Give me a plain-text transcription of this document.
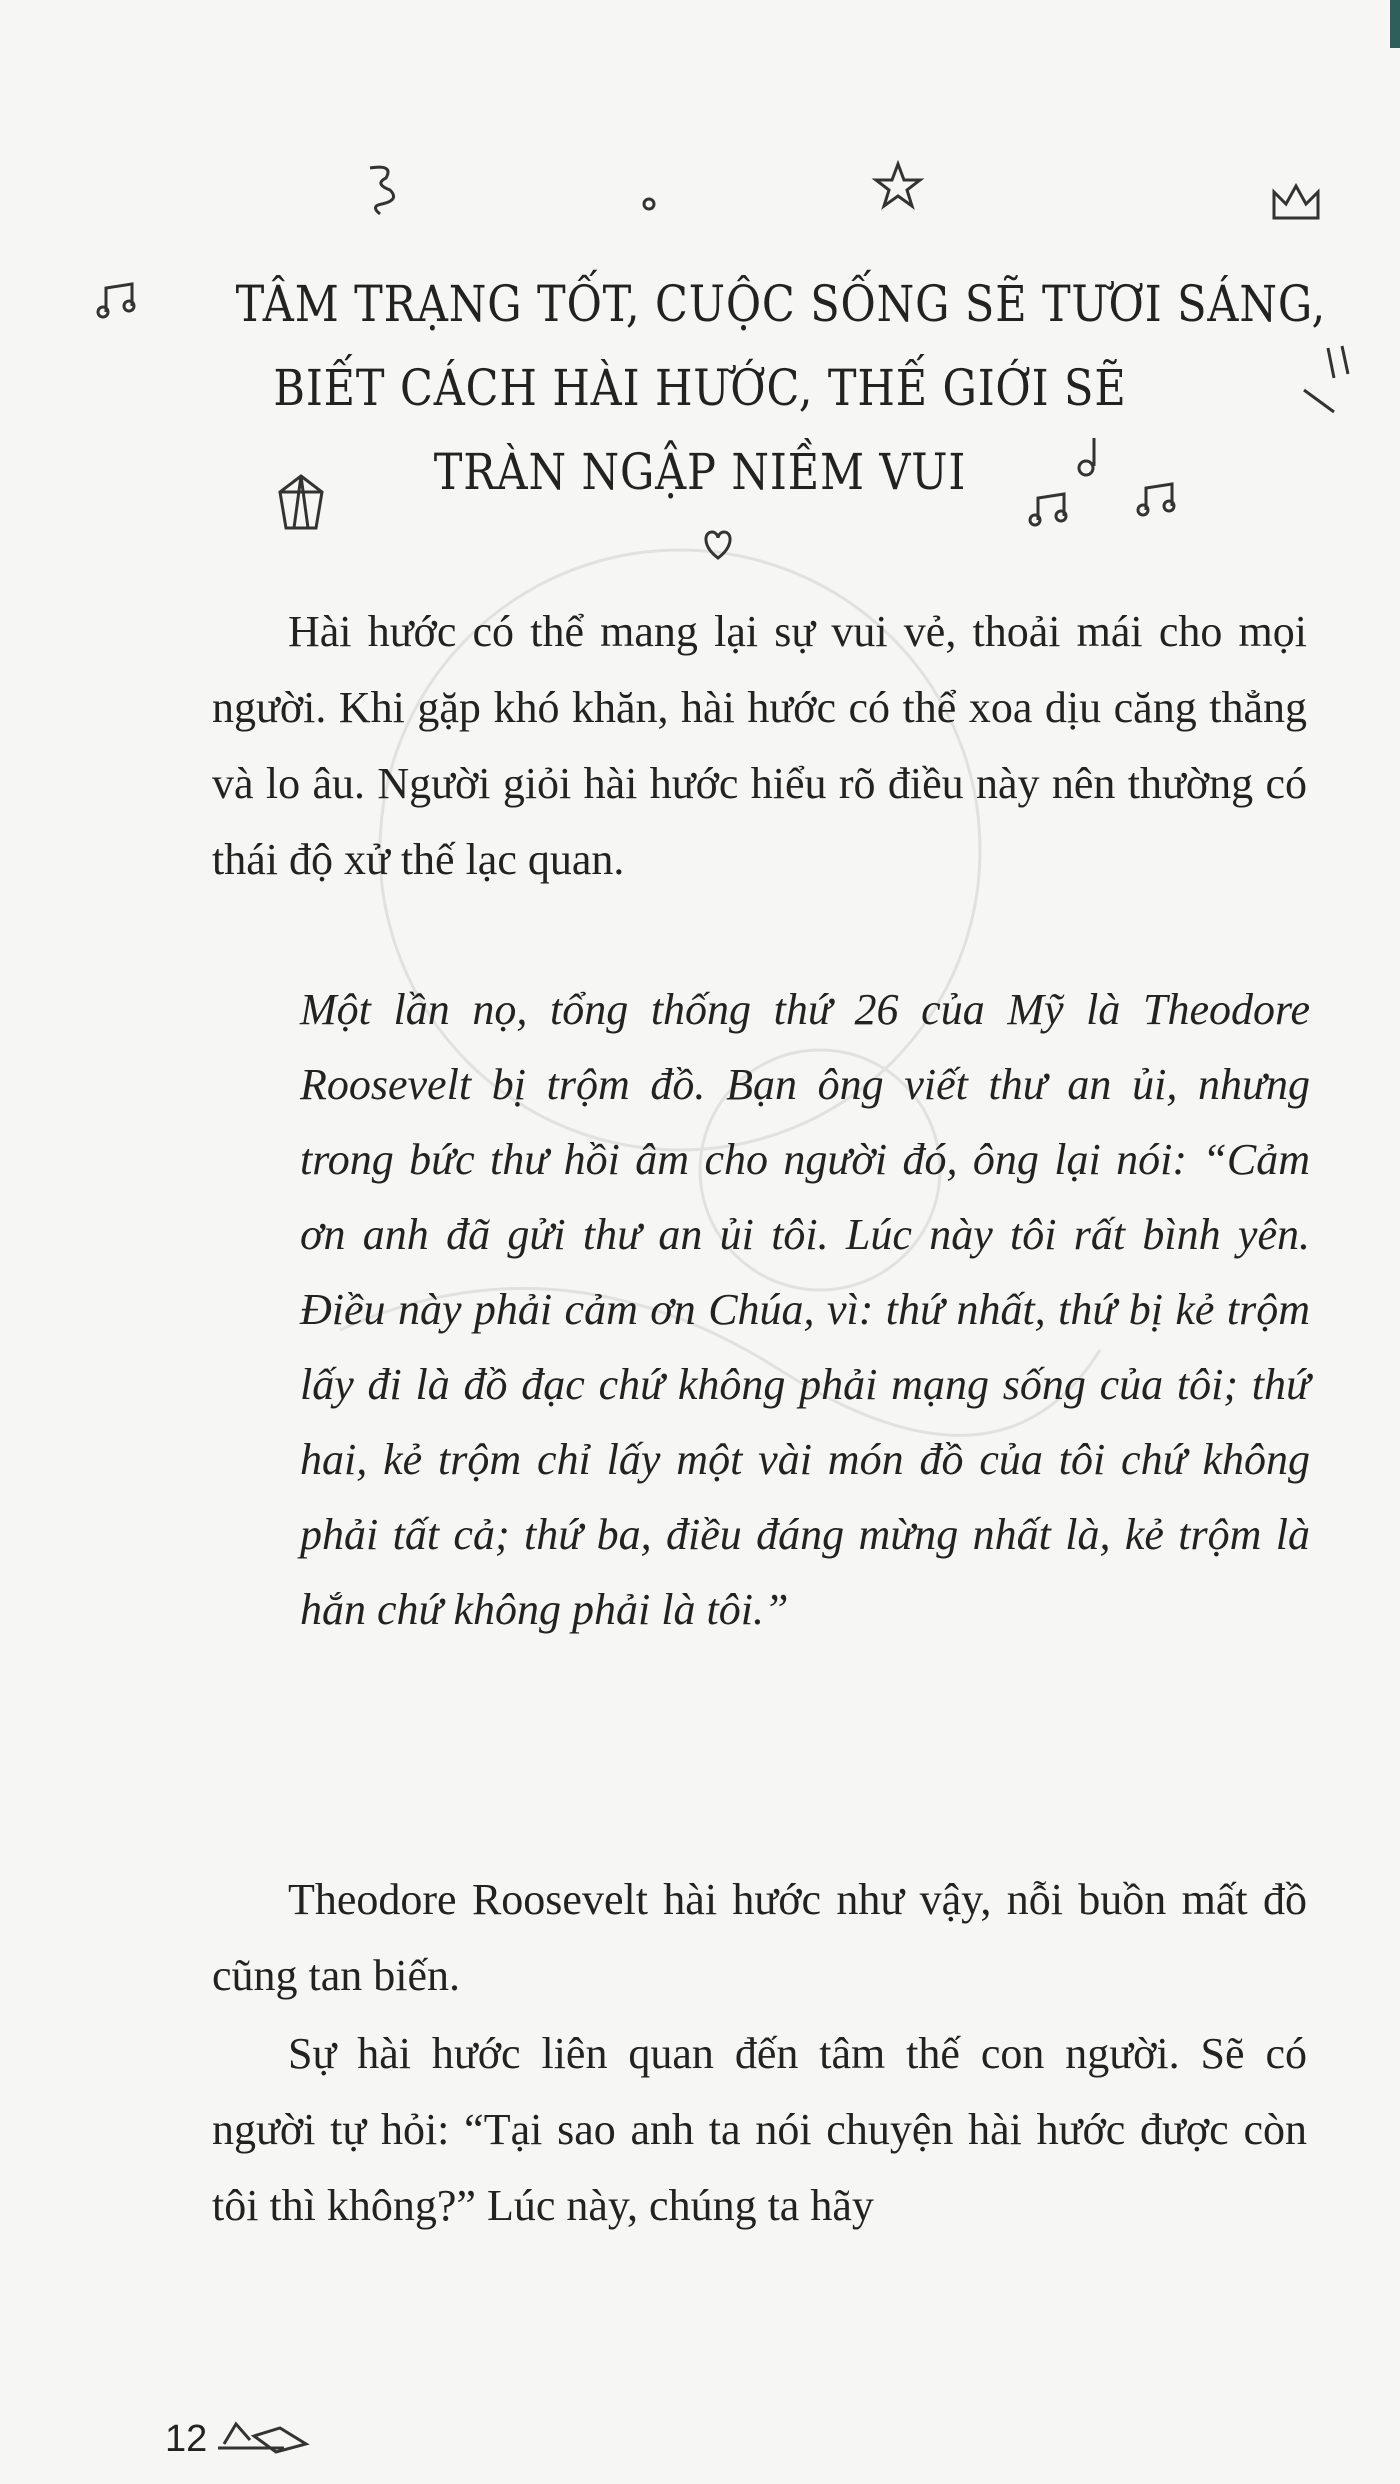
TÂM TRẠNG TỐT, CUỘC SỐNG SẼ TƯƠI SÁNG,
BIẾT CÁCH HÀI HƯỚC, THẾ GIỚI SẼ
TRÀN NGẬP NIỀM VUI

Hài hước có thể mang lại sự vui vẻ, thoải mái cho mọi người. Khi gặp khó khăn, hài hước có thể xoa dịu căng thẳng và lo âu. Người giỏi hài hước hiểu rõ điều này nên thường có thái độ xử thế lạc quan.

Một lần nọ, tổng thống thứ 26 của Mỹ là Theodore Roosevelt bị trộm đồ. Bạn ông viết thư an ủi, nhưng trong bức thư hồi âm cho người đó, ông lại nói: “Cảm ơn anh đã gửi thư an ủi tôi. Lúc này tôi rất bình yên. Điều này phải cảm ơn Chúa, vì: thứ nhất, thứ bị kẻ trộm lấy đi là đồ đạc chứ không phải mạng sống của tôi; thứ hai, kẻ trộm chỉ lấy một vài món đồ của tôi chứ không phải tất cả; thứ ba, điều đáng mừng nhất là, kẻ trộm là hắn chứ không phải là tôi.”

Theodore Roosevelt hài hước như vậy, nỗi buồn mất đồ cũng tan biến.

Sự hài hước liên quan đến tâm thế con người. Sẽ có người tự hỏi: “Tại sao anh ta nói chuyện hài hước được còn tôi thì không?” Lúc này, chúng ta hãy

12
